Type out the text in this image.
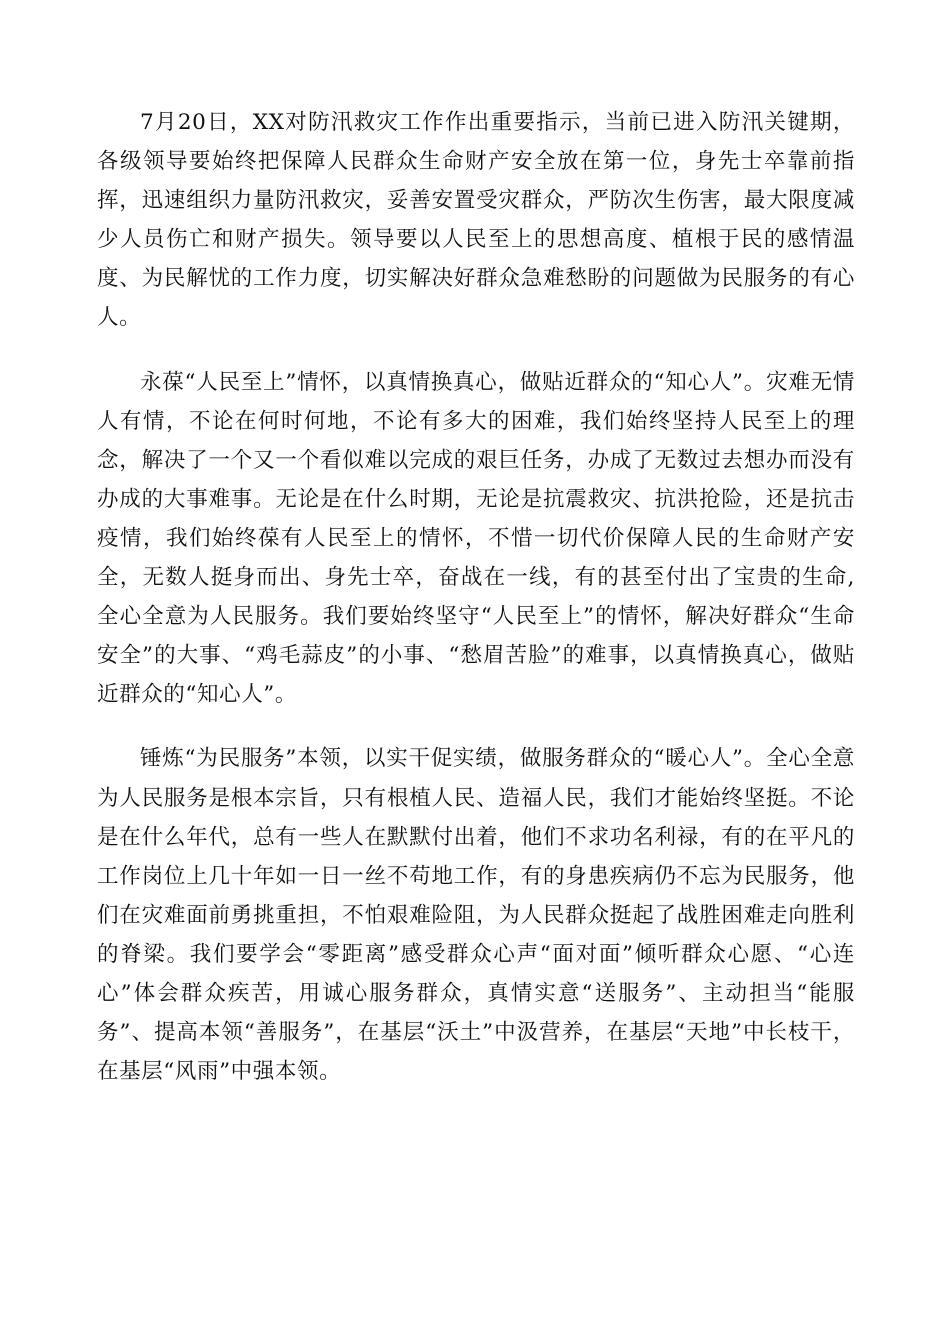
7月20日，XX对防汛救灾工作作出重要指示，当前已进入防汛关键期，各级领导要始终把保障人民群众生命财产安全放在第一位，身先士卒靠前指挥，迅速组织力量防汛救灾，妥善安置受灾群众，严防次生伤害，最大限度减少人员伤亡和财产损失。领导要以人民至上的思想高度、植根于民的感情温度、为民解忧的工作力度，切实解决好群众急难愁盼的问题做为民服务的有心人。

永葆“人民至上”情怀，以真情换真心，做贴近群众的“知心人”。灾难无情人有情，不论在何时何地，不论有多大的困难，我们始终坚持人民至上的理念，解决了一个又一个看似难以完成的艰巨任务，办成了无数过去想办而没有办成的大事难事。无论是在什么时期，无论是抗震救灾、抗洪抢险，还是抗击疫情，我们始终葆有人民至上的情怀，不惜一切代价保障人民的生命财产安全，无数人挺身而出、身先士卒，奋战在一线，有的甚至付出了宝贵的生命,全心全意为人民服务。我们要始终坚守“人民至上”的情怀，解决好群众“生命安全”的大事、“鸡毛蒜皮”的小事、“愁眉苦脸”的难事，以真情换真心，做贴近群众的“知心人”。

锤炼“为民服务”本领，以实干促实绩，做服务群众的“暖心人”。全心全意为人民服务是根本宗旨，只有根植人民、造福人民，我们才能始终坚挺。不论是在什么年代，总有一些人在默默付出着，他们不求功名利禄，有的在平凡的工作岗位上几十年如一日一丝不苟地工作，有的身患疾病仍不忘为民服务，他们在灾难面前勇挑重担，不怕艰难险阻，为人民群众挺起了战胜困难走向胜利的脊梁。我们要学会“零距离”感受群众心声“面对面”倾听群众心愿、“心连心”体会群众疾苦，用诚心服务群众，真情实意“送服务”、主动担当“能服务”、提高本领“善服务”，在基层“沃土”中汲营养，在基层“天地”中长枝干，在基层“风雨”中强本领。
